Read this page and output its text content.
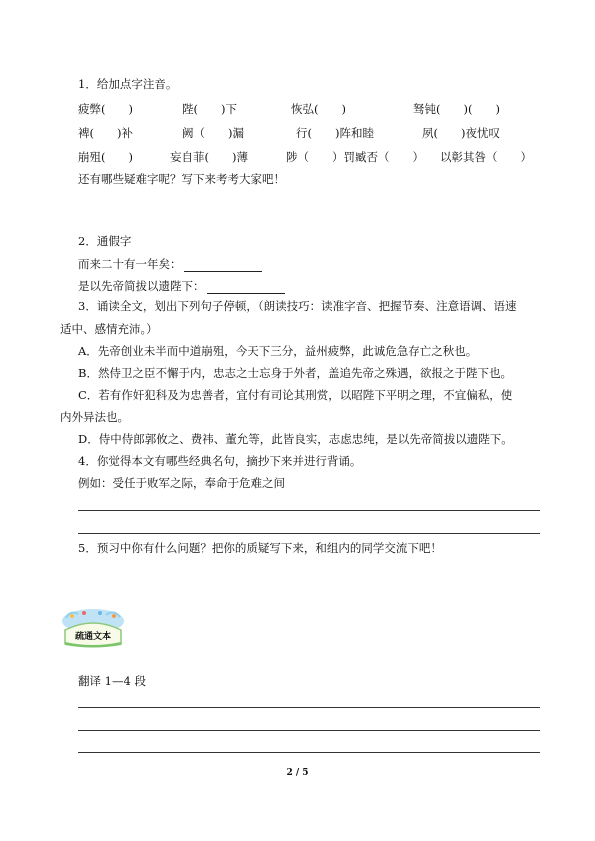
1．给加点字注音。
疲弊(　　)	陛(　　)下	恢弘(　　)	驽钝(　　)(　　)
裨(　　)补	阙（　　)漏	行(　　)阵和睦	夙(　　)夜忧叹
崩殂(　　)	妄自菲(　　)薄	陟（　　）罚臧否（　　） 以彰其咎（　　）
还有哪些疑难字呢？写下来考考大家吧！
2．通假字
而来二十有一年矣：
是以先帝简拔以遗陛下：
3．诵读全文，划出下列句子停顿，（朗读技巧：读准字音、把握节奏、注意语调、语速
适中、感情充沛。）
A．先帝创业未半而中道崩殂，今天下三分，益州疲弊，此诚危急存亡之秋也。
B．然侍卫之臣不懈于内，忠志之士忘身于外者，盖追先帝之殊遇，欲报之于陛下也。
C．若有作奸犯科及为忠善者，宜付有司论其刑赏，以昭陛下平明之理，不宜偏私，使
内外异法也。
D．侍中侍郎郭攸之、费祎、董允等，此皆良实，志虑忠纯，是以先帝简拔以遗陛下。
4．你觉得本文有哪些经典名句，摘抄下来并进行背诵。
例如：受任于败军之际，奉命于危难之间
5．预习中你有什么问题？把你的质疑写下来，和组内的同学交流下吧！
疏通文本
翻译 1—4 段
2 / 5
